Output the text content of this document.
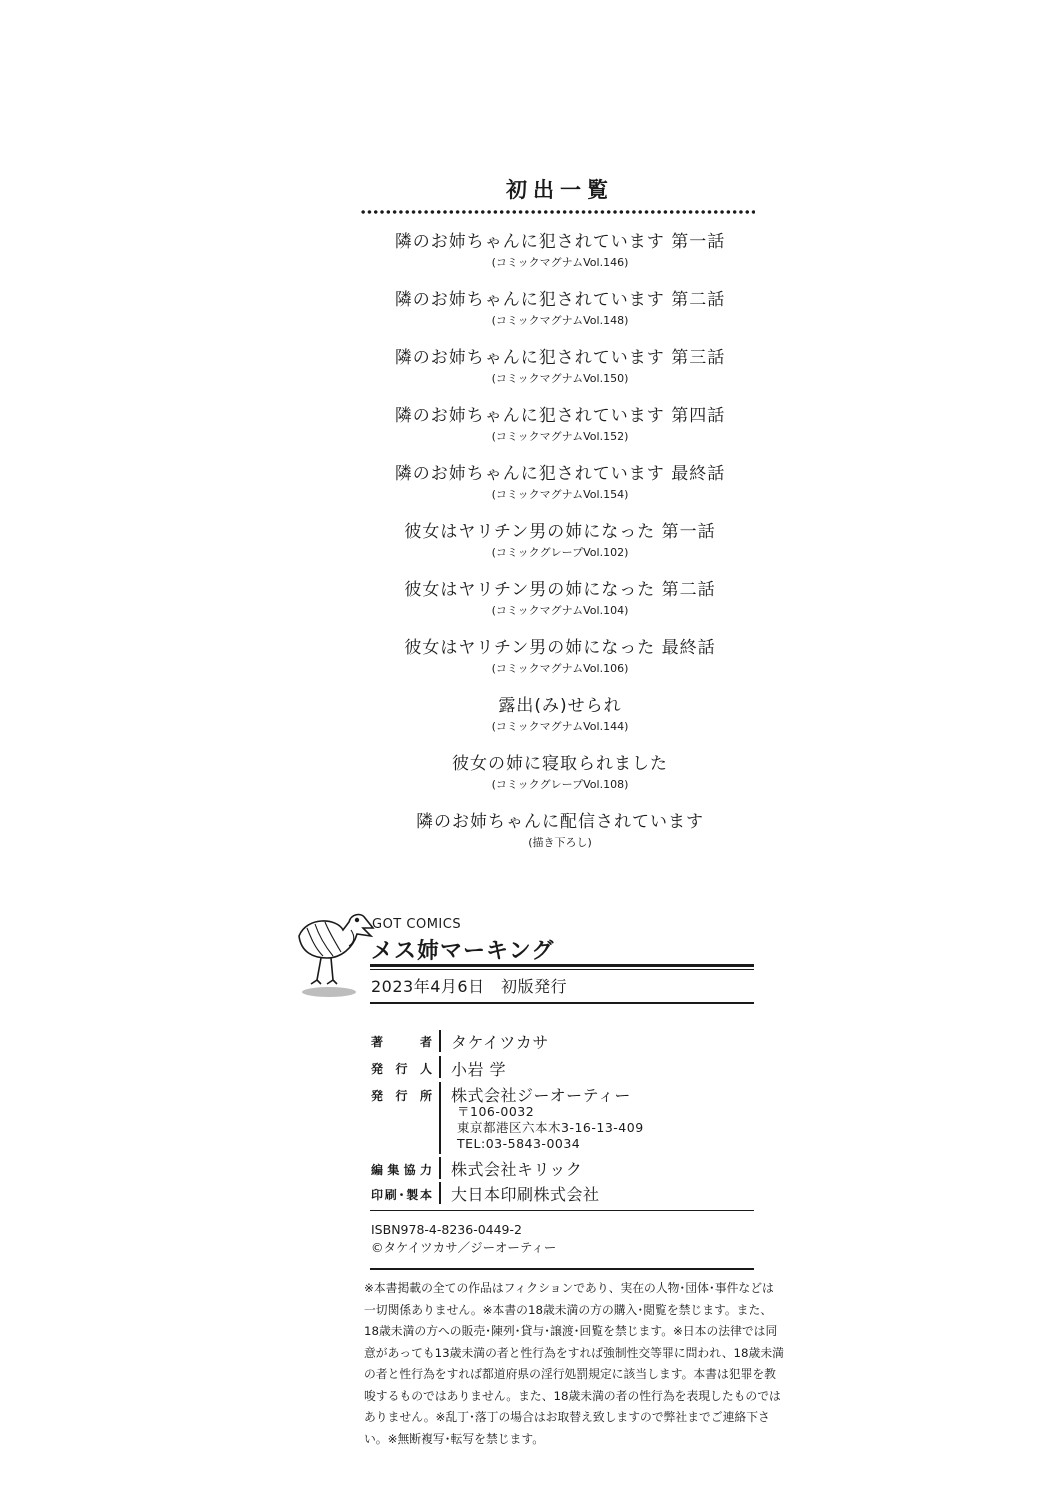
初出一覧
隣のお姉ちゃんに犯されています 第一話
(コミックマグナムVol.146)
隣のお姉ちゃんに犯されています 第二話
(コミックマグナムVol.148)
隣のお姉ちゃんに犯されています 第三話
(コミックマグナムVol.150)
隣のお姉ちゃんに犯されています 第四話
(コミックマグナムVol.152)
隣のお姉ちゃんに犯されています 最終話
(コミックマグナムVol.154)
彼女はヤリチン男の姉になった 第一話
(コミックグレープVol.102)
彼女はヤリチン男の姉になった 第二話
(コミックマグナムVol.104)
彼女はヤリチン男の姉になった 最終話
(コミックマグナムVol.106)
露出(み)せられ
(コミックマグナムVol.144)
彼女の姉に寝取られました
(コミックグレープVol.108)
隣のお姉ちゃんに配信されています
(描き下ろし)
GOT COMICS
メス姉マーキング
2023年4月6日　初版発行
著　　者 タケイツカサ
発 行 人 小岩 学
発 行 所 株式会社ジーオーティー
〒106-0032
東京都港区六本木3-16-13-409
TEL:03-5843-0034
編集協力 株式会社キリック
印刷･製本 大日本印刷株式会社
ISBN978-4-8236-0449-2
©タケイツカサ／ジーオーティー
※本書掲載の全ての作品はフィクションであり、実在の人物･団体･事件などは一切関係ありません。※本書の18歳未満の方の購入･閲覧を禁じます。また、18歳未満の方への販売･陳列･貸与･譲渡･回覧を禁じます。※日本の法律では同意があっても13歳未満の者と性行為をすれば強制性交等罪に問われ、18歳未満の者と性行為をすれば都道府県の淫行処罰規定に該当します。本書は犯罪を教唆するものではありません。また、18歳未満の者の性行為を表現したものではありません。※乱丁･落丁の場合はお取替え致しますので弊社までご連絡下さい。※無断複写･転写を禁じます。
